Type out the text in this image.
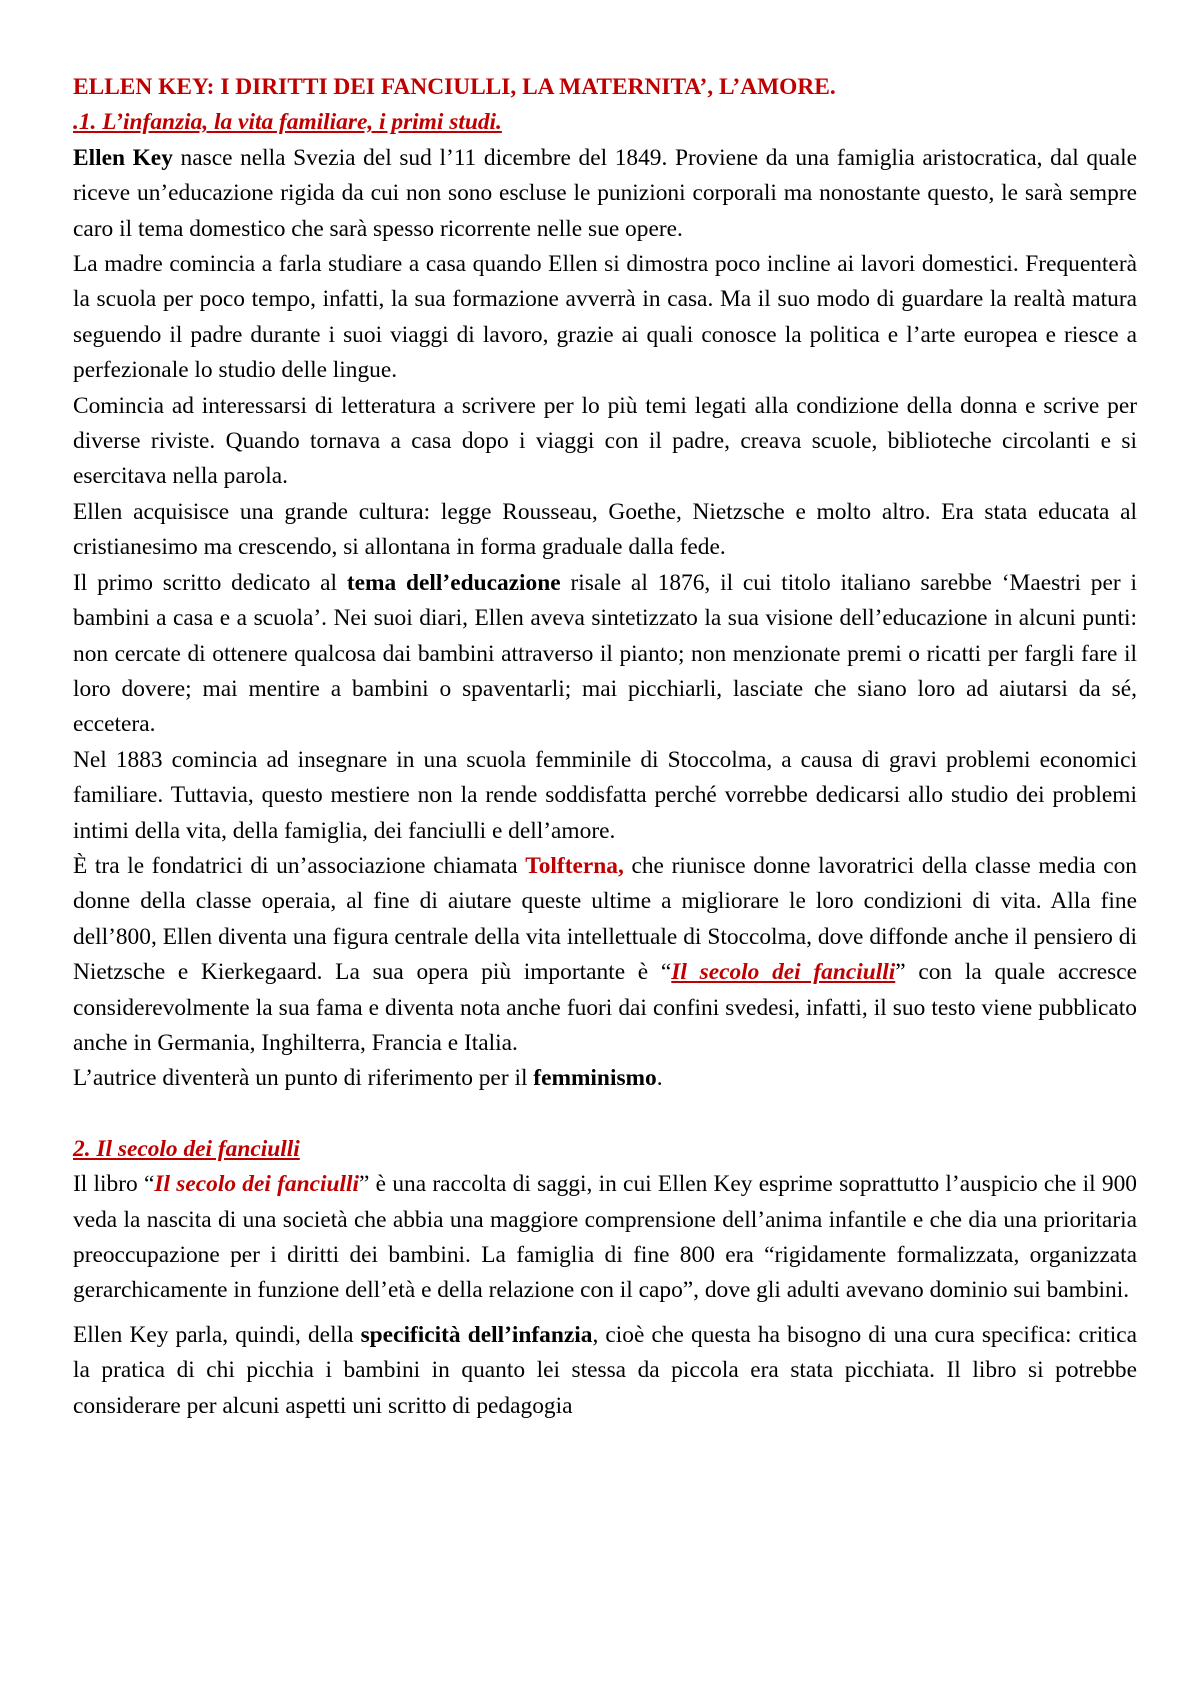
ELLEN KEY: I DIRITTI DEI FANCIULLI, LA MATERNITA’, L’AMORE.

.1. L’infanzia, la vita familiare, i primi studi.

Ellen Key nasce nella Svezia del sud l’11 dicembre del 1849. Proviene da una famiglia aristocratica, dal quale riceve un’educazione rigida da cui non sono escluse le punizioni corporali ma nonostante questo, le sarà sempre caro il tema domestico che sarà spesso ricorrente nelle sue opere.

La madre comincia a farla studiare a casa quando Ellen si dimostra poco incline ai lavori domestici. Frequenterà la scuola per poco tempo, infatti, la sua formazione avverrà in casa. Ma il suo modo di guardare la realtà matura seguendo il padre durante i suoi viaggi di lavoro, grazie ai quali conosce la politica e l’arte europea e riesce a perfezionale lo studio delle lingue.

Comincia ad interessarsi di letteratura a scrivere per lo più temi legati alla condizione della donna e scrive per diverse riviste. Quando tornava a casa dopo i viaggi con il padre, creava scuole, biblioteche circolanti e si esercitava nella parola.

Ellen acquisisce una grande cultura: legge Rousseau, Goethe, Nietzsche e molto altro. Era stata educata al cristianesimo ma crescendo, si allontana in forma graduale dalla fede.

Il primo scritto dedicato al tema dell’educazione risale al 1876, il cui titolo italiano sarebbe ‘Maestri per i bambini a casa e a scuola’. Nei suoi diari, Ellen aveva sintetizzato la sua visione dell’educazione in alcuni punti: non cercate di ottenere qualcosa dai bambini attraverso il pianto; non menzionate premi o ricatti per fargli fare il loro dovere; mai mentire a bambini o spaventarli; mai picchiarli, lasciate che siano loro ad aiutarsi da sé, eccetera.

Nel 1883 comincia ad insegnare in una scuola femminile di Stoccolma, a causa di gravi problemi economici familiare. Tuttavia, questo mestiere non la rende soddisfatta perché vorrebbe dedicarsi allo studio dei problemi intimi della vita, della famiglia, dei fanciulli e dell’amore.

È tra le fondatrici di un’associazione chiamata Tolfterna, che riunisce donne lavoratrici della classe media con donne della classe operaia, al fine di aiutare queste ultime a migliorare le loro condizioni di vita. Alla fine dell’800, Ellen diventa una figura centrale della vita intellettuale di Stoccolma, dove diffonde anche il pensiero di Nietzsche e Kierkegaard. La sua opera più importante è “Il secolo dei fanciulli” con la quale accresce considerevolmente la sua fama e diventa nota anche fuori dai confini svedesi, infatti, il suo testo viene pubblicato anche in Germania, Inghilterra, Francia e Italia.

L’autrice diventerà un punto di riferimento per il femminismo.

2. Il secolo dei fanciulli

Il libro “Il secolo dei fanciulli” è una raccolta di saggi, in cui Ellen Key esprime soprattutto l’auspicio che il 900 veda la nascita di una società che abbia una maggiore comprensione dell’anima infantile e che dia una prioritaria preoccupazione per i diritti dei bambini. La famiglia di fine 800 era “rigidamente formalizzata, organizzata gerarchicamente in funzione dell’età e della relazione con il capo”, dove gli adulti avevano dominio sui bambini.

Ellen Key parla, quindi, della specificità dell’infanzia, cioè che questa ha bisogno di una cura specifica: critica la pratica di chi picchia i bambini in quanto lei stessa da piccola era stata picchiata. Il libro si potrebbe considerare per alcuni aspetti uni scritto di pedagogia
